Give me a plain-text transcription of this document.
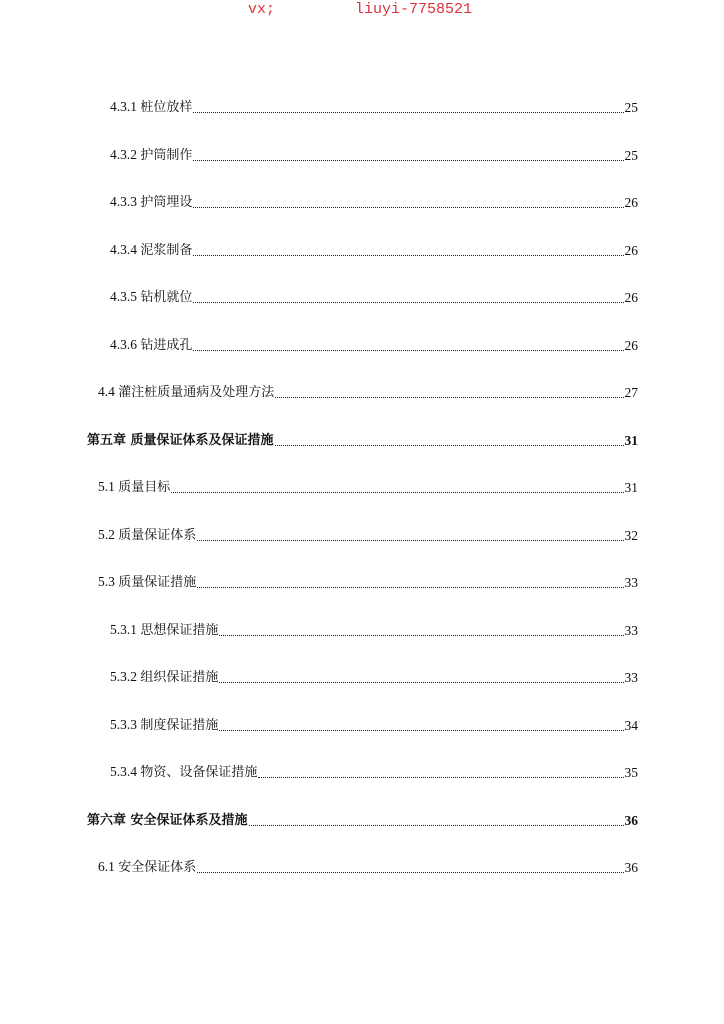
vx;	liuyi-7758521
4.3.1 桩位放样	25
4.3.2 护筒制作	25
4.3.3 护筒埋设	26
4.3.4 泥浆制备	26
4.3.5 钻机就位	26
4.3.6 钻进成孔	26
4.4 灌注桩质量通病及处理方法	27
第五章 质量保证体系及保证措施	31
5.1 质量目标	31
5.2 质量保证体系	32
5.3 质量保证措施	33
5.3.1 思想保证措施	33
5.3.2 组织保证措施	33
5.3.3 制度保证措施	34
5.3.4 物资、设备保证措施	35
第六章 安全保证体系及措施	36
6.1 安全保证体系	36
